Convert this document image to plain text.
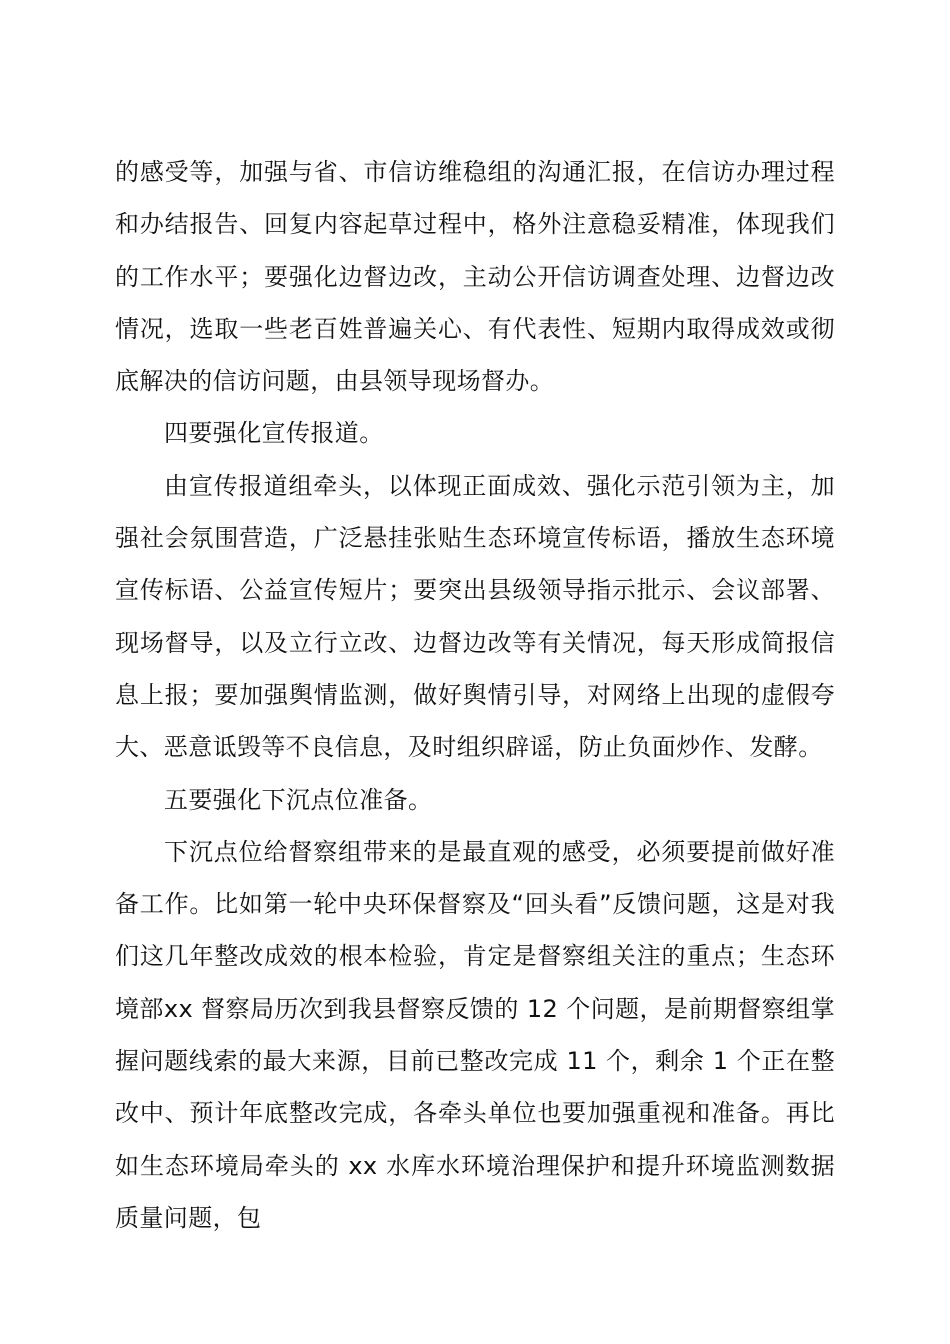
的感受等，加强与省、市信访维稳组的沟通汇报，在信访办理过程和办结报告、回复内容起草过程中，格外注意稳妥精准，体现我们的工作水平；要强化边督边改，主动公开信访调查处理、边督边改情况，选取一些老百姓普遍关心、有代表性、短期内取得成效或彻底解决的信访问题，由县领导现场督办。

四要强化宣传报道。

由宣传报道组牵头，以体现正面成效、强化示范引领为主，加强社会氛围营造，广泛悬挂张贴生态环境宣传标语，播放生态环境宣传标语、公益宣传短片；要突出县级领导指示批示、会议部署、现场督导，以及立行立改、边督边改等有关情况，每天形成简报信息上报；要加强舆情监测，做好舆情引导，对网络上出现的虚假夸大、恶意诋毁等不良信息，及时组织辟谣，防止负面炒作、发酵。

五要强化下沉点位准备。

下沉点位给督察组带来的是最直观的感受，必须要提前做好准备工作。比如第一轮中央环保督察及“回头看”反馈问题，这是对我们这几年整改成效的根本检验，肯定是督察组关注的重点；生态环境部xx 督察局历次到我县督察反馈的 12 个问题，是前期督察组掌握问题线索的最大来源，目前已整改完成 11 个，剩余 1 个正在整改中、预计年底整改完成，各牵头单位也要加强重视和准备。再比如生态环境局牵头的 xx 水库水环境治理保护和提升环境监测数据质量问题，包
